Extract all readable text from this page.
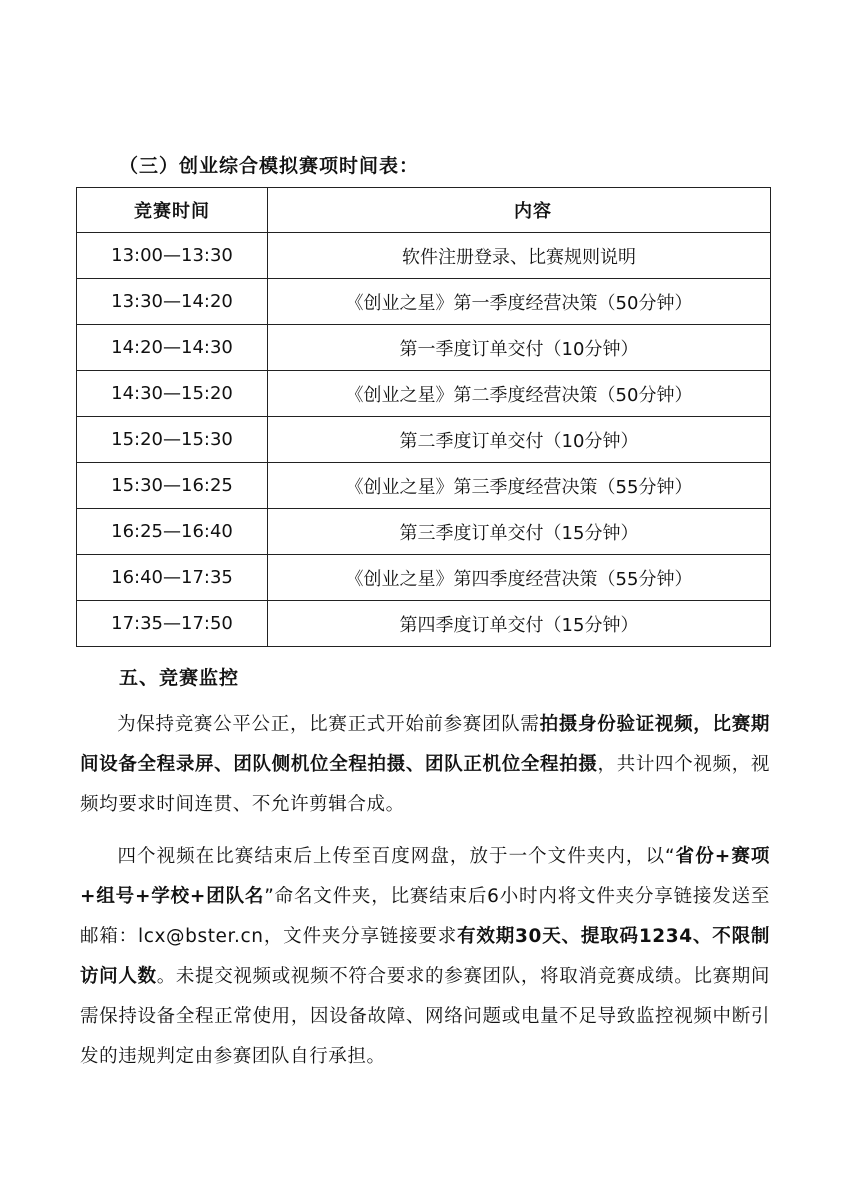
（三）创业综合模拟赛项时间表：
竞赛时间	内容
13:00—13:30	软件注册登录、比赛规则说明
13:30—14:20	《创业之星》第一季度经营决策（50分钟）
14:20—14:30	第一季度订单交付（10分钟）
14:30—15:20	《创业之星》第二季度经营决策（50分钟）
15:20—15:30	第二季度订单交付（10分钟）
15:30—16:25	《创业之星》第三季度经营决策（55分钟）
16:25—16:40	第三季度订单交付（15分钟）
16:40—17:35	《创业之星》第四季度经营决策（55分钟）
17:35—17:50	第四季度订单交付（15分钟）
五、竞赛监控
为保持竞赛公平公正，比赛正式开始前参赛团队需拍摄身份验证视频，比赛期间设备全程录屏、团队侧机位全程拍摄、团队正机位全程拍摄，共计四个视频，视频均要求时间连贯、不允许剪辑合成。
四个视频在比赛结束后上传至百度网盘，放于一个文件夹内，以“省份+赛项+组号+学校+团队名”命名文件夹，比赛结束后6小时内将文件夹分享链接发送至邮箱：lcx@bster.cn，文件夹分享链接要求有效期30天、提取码1234、不限制访问人数。未提交视频或视频不符合要求的参赛团队，将取消竞赛成绩。比赛期间需保持设备全程正常使用，因设备故障、网络问题或电量不足导致监控视频中断引发的违规判定由参赛团队自行承担。
